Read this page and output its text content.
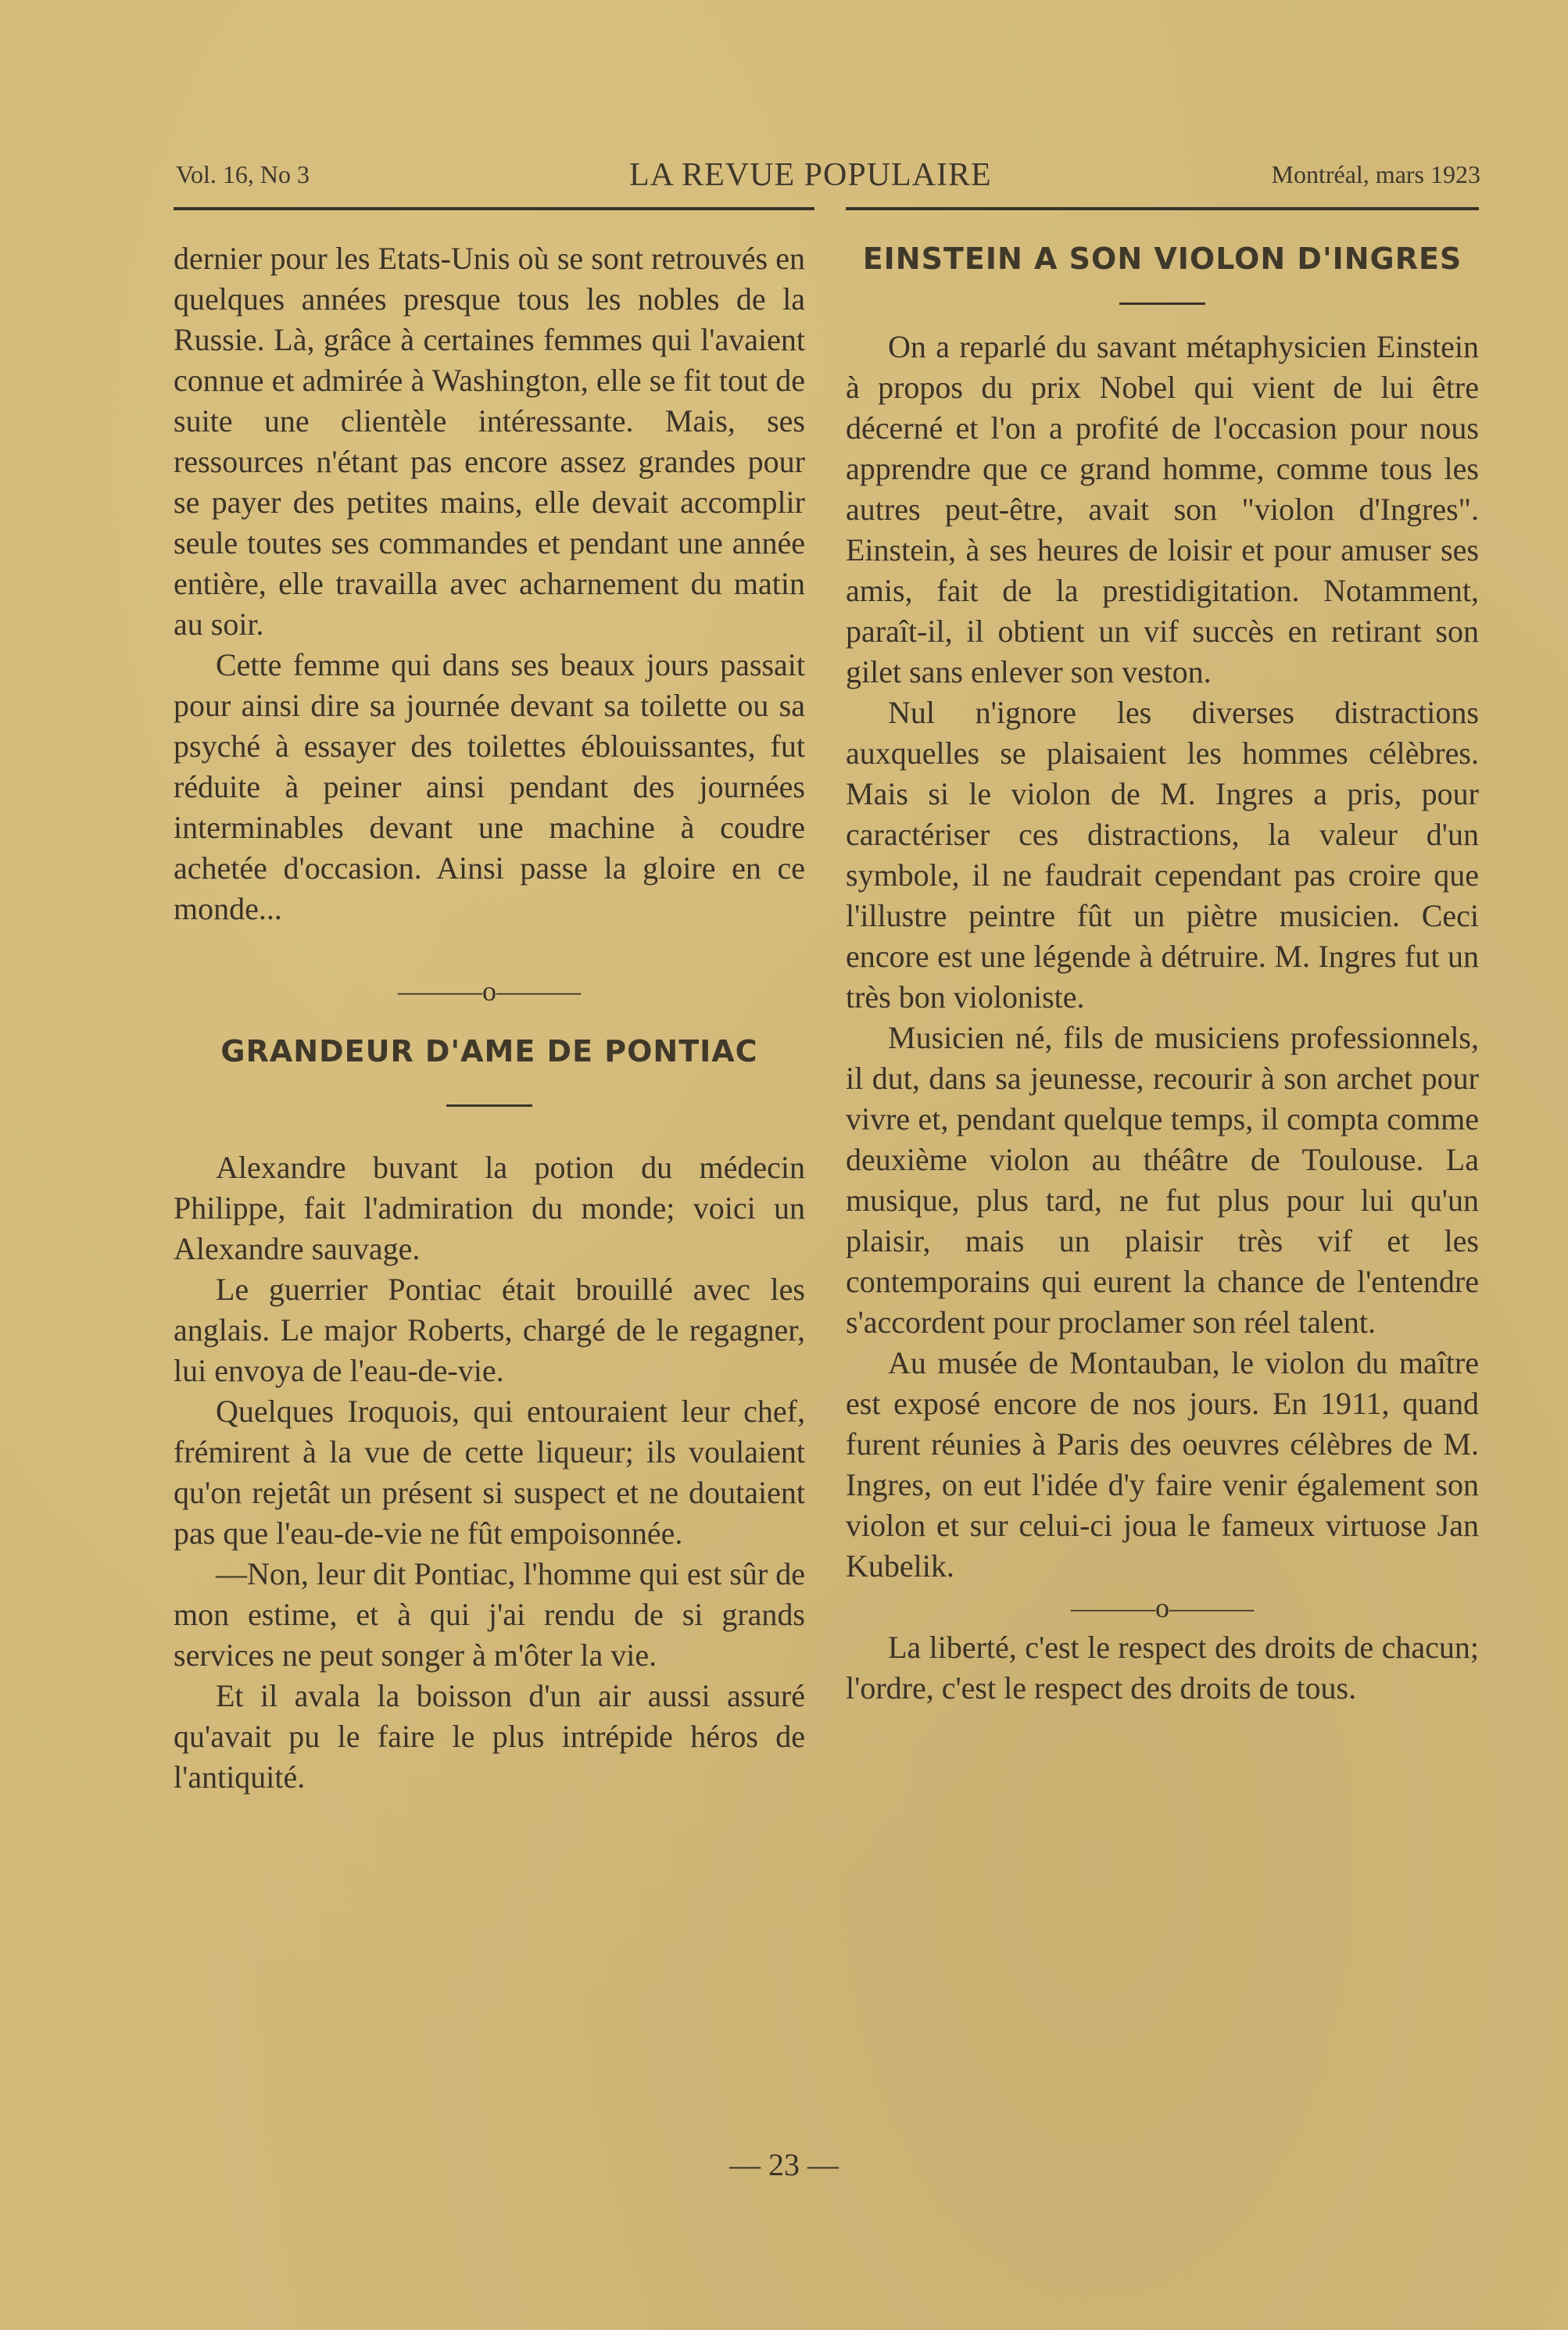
Vol. 16, No 3	LA REVUE POPULAIRE	Montréal, mars 1923

dernier pour les Etats-Unis où se sont retrouvés en quelques années presque tous les nobles de la Russie. Là, grâce à certaines femmes qui l'avaient connue et admirée à Washington, elle se fit tout de suite une clientèle intéressante. Mais, ses ressources n'étant pas encore assez grandes pour se payer des petites mains, elle devait accomplir seule toutes ses commandes et pendant une année entière, elle travailla avec acharnement du matin au soir.

Cette femme qui dans ses beaux jours passait pour ainsi dire sa journée devant sa toilette ou sa psyché à essayer des toilettes éblouissantes, fut réduite à peiner ainsi pendant des journées interminables devant une machine à coudre achetée d'occasion. Ainsi passe la gloire en ce monde...

———o———
GRANDEUR D'AME DE PONTIAC

Alexandre buvant la potion du médecin Philippe, fait l'admiration du monde; voici un Alexandre sauvage.

Le guerrier Pontiac était brouillé avec les anglais. Le major Roberts, chargé de le regagner, lui envoya de l'eau-de-vie.

Quelques Iroquois, qui entouraient leur chef, frémirent à la vue de cette liqueur; ils voulaient qu'on rejetât un présent si suspect et ne doutaient pas que l'eau-de-vie ne fût empoisonnée.

—Non, leur dit Pontiac, l'homme qui est sûr de mon estime, et à qui j'ai rendu de si grands services ne peut songer à m'ôter la vie.

Et il avala la boisson d'un air aussi assuré qu'avait pu le faire le plus intrépide héros de l'antiquité.

EINSTEIN A SON VIOLON D'INGRES

On a reparlé du savant métaphysicien Einstein à propos du prix Nobel qui vient de lui être décerné et l'on a profité de l'occasion pour nous apprendre que ce grand homme, comme tous les autres peut-être, avait son "violon d'Ingres". Einstein, à ses heures de loisir et pour amuser ses amis, fait de la prestidigitation. Notamment, paraît-il, il obtient un vif succès en retirant son gilet sans enlever son veston.

Nul n'ignore les diverses distractions auxquelles se plaisaient les hommes célèbres. Mais si le violon de M. Ingres a pris, pour caractériser ces distractions, la valeur d'un symbole, il ne faudrait cependant pas croire que l'illustre peintre fût un piètre musicien. Ceci encore est une légende à détruire. M. Ingres fut un très bon violoniste.

Musicien né, fils de musiciens professionnels, il dut, dans sa jeunesse, recourir à son archet pour vivre et, pendant quelque temps, il compta comme deuxième violon au théâtre de Toulouse. La musique, plus tard, ne fut plus pour lui qu'un plaisir, mais un plaisir très vif et les contemporains qui eurent la chance de l'entendre s'accordent pour proclamer son réel talent.

Au musée de Montauban, le violon du maître est exposé encore de nos jours. En 1911, quand furent réunies à Paris des oeuvres célèbres de M. Ingres, on eut l'idée d'y faire venir également son violon et sur celui-ci joua le fameux virtuose Jan Kubelik.

———o———

La liberté, c'est le respect des droits de chacun; l'ordre, c'est le respect des droits de tous.

— 23 —
